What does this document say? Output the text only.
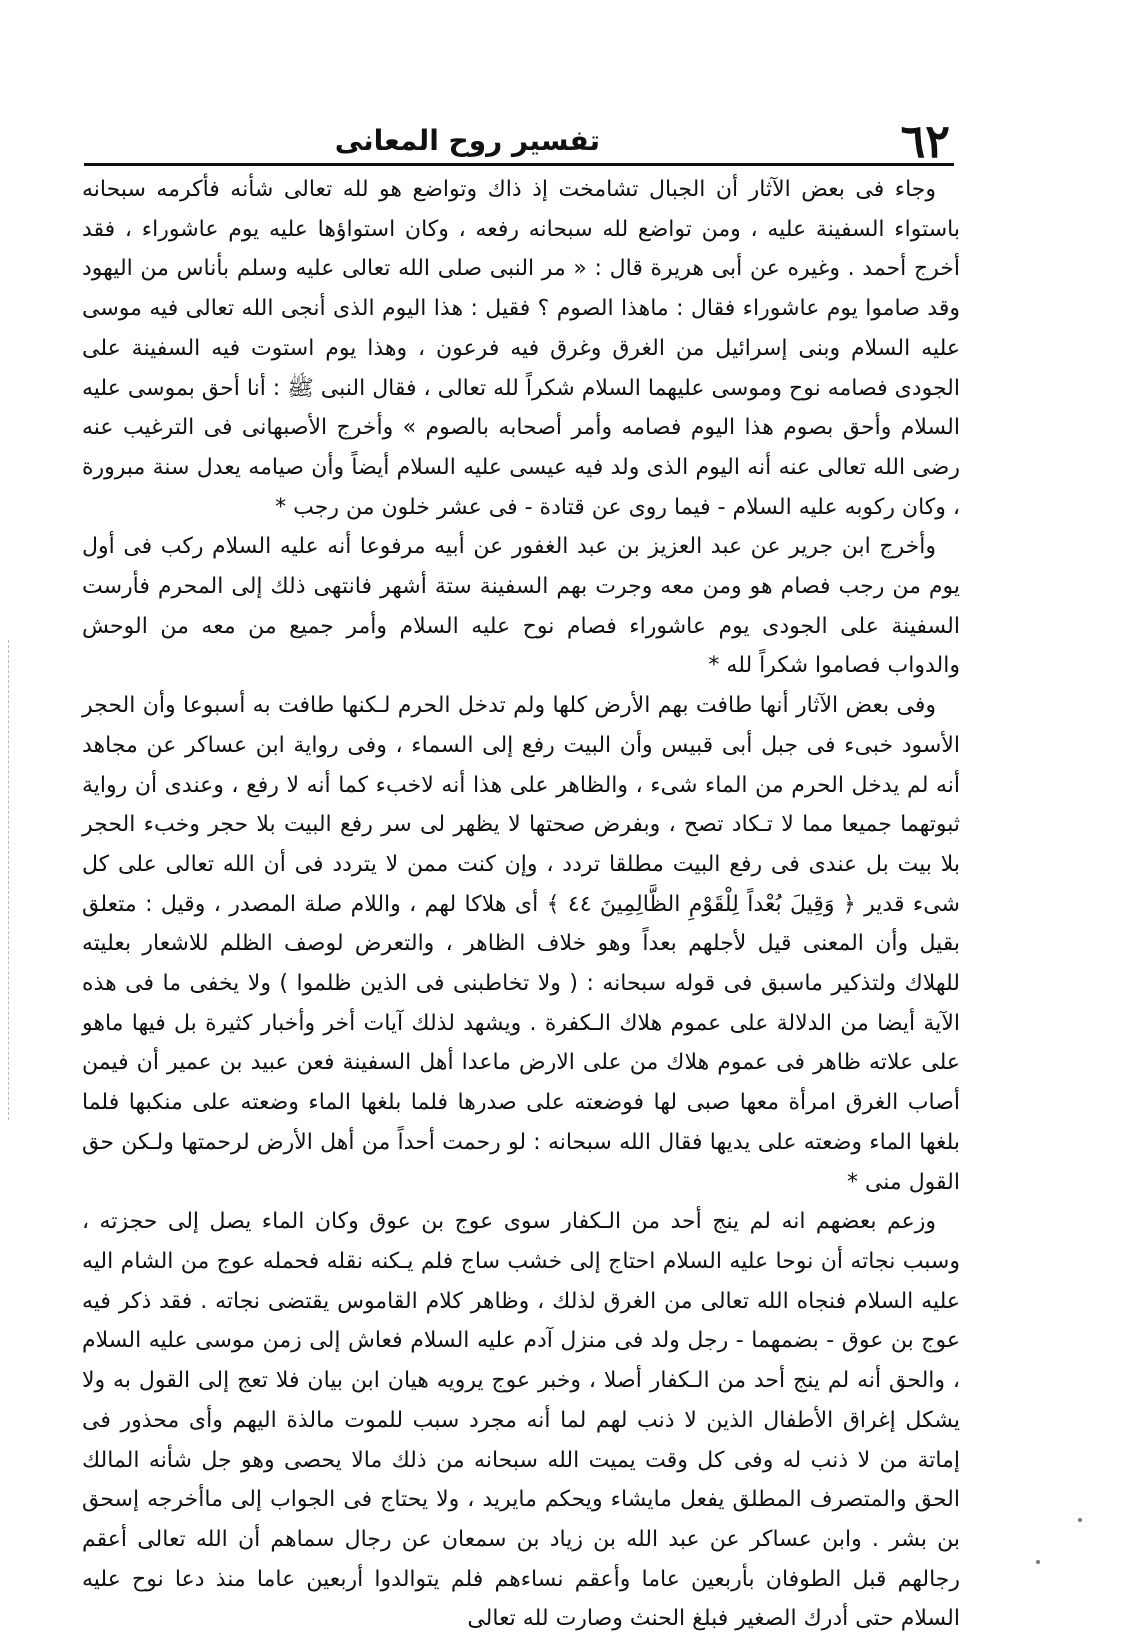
٦٢
تفسير روح المعانى

وجاء فى بعض الآثار أن الجبال تشامخت إذ ذاك وتواضع هو لله تعالى شأنه فأكرمه سبحانه باستواء السفينة عليه ، ومن تواضع لله سبحانه رفعه ، وكان استواؤها عليه يوم عاشوراء ، فقد أخرج أحمد . وغيره عن أبى هريرة قال : « مر النبى صلى الله تعالى عليه وسلم بأناس من اليهود وقد صاموا يوم عاشوراء فقال : ماهذا الصوم ؟ فقيل : هذا اليوم الذى أنجى الله تعالى فيه موسى عليه السلام وبنى إسرائيل من الغرق وغرق فيه فرعون ، وهذا يوم استوت فيه السفينة على الجودى فصامه نوح وموسى عليهما السلام شكراً لله تعالى ، فقال النبى ﷺ : أنا أحق بموسى عليه السلام وأحق بصوم هذا اليوم فصامه وأمر أصحابه بالصوم » وأخرج الأصبهانى فى الترغيب عنه رضى الله تعالى عنه أنه اليوم الذى ولد فيه عيسى عليه السلام أيضاً وأن صيامه يعدل سنة مبرورة ، وكان ركوبه عليه السلام - فيما روى عن قتادة - فى عشر خلون من رجب *

وأخرج ابن جرير عن عبد العزيز بن عبد الغفور عن أبيه مرفوعا أنه عليه السلام ركب فى أول يوم من رجب فصام هو ومن معه وجرت بهم السفينة ستة أشهر فانتهى ذلك إلى المحرم فأرست السفينة على الجودى يوم عاشوراء فصام نوح عليه السلام وأمر جميع من معه من الوحش والدواب فصاموا شكراً لله *

وفى بعض الآثار أنها طافت بهم الأرض كلها ولم تدخل الحرم لـكنها طافت به أسبوعا وأن الحجر الأسود خبىء فى جبل أبى قبيس وأن البيت رفع إلى السماء ، وفى رواية ابن عساكر عن مجاهد أنه لم يدخل الحرم من الماء شىء ، والظاهر على هذا أنه لاخبء كما أنه لا رفع ، وعندى أن رواية ثبوتهما جميعا مما لا تـكاد تصح ، وبفرض صحتها لا يظهر لى سر رفع البيت بلا حجر وخبء الحجر بلا بيت بل عندى فى رفع البيت مطلقا تردد ، وإن كنت ممن لا يتردد فى أن الله تعالى على كل شىء قدير ﴿ وَقِيلَ بُعْداً لِلْقَوْمِ الظَّالِمِينَ ٤٤ ﴾ أى هلاكا لهم ، واللام صلة المصدر ، وقيل : متعلق بقيل وأن المعنى قيل لأجلهم بعداً وهو خلاف الظاهر ، والتعرض لوصف الظلم للاشعار بعليته للهلاك ولتذكير ماسبق فى قوله سبحانه : ( ولا تخاطبنى فى الذين ظلموا ) ولا يخفى ما فى هذه الآية أيضا من الدلالة على عموم هلاك الـكفرة . ويشهد لذلك آيات أخر وأخبار كثيرة بل فيها ماهو على علاته ظاهر فى عموم هلاك من على الارض ماعدا أهل السفينة فعن عبيد بن عمير أن فيمن أصاب الغرق امرأة معها صبى لها فوضعته على صدرها فلما بلغها الماء وضعته على منكبها فلما بلغها الماء وضعته على يديها فقال الله سبحانه : لو رحمت أحداً من أهل الأرض لرحمتها ولـكن حق القول منى *

وزعم بعضهم انه لم ينج أحد من الـكفار سوى عوج بن عوق وكان الماء يصل إلى حجزته ، وسبب نجاته أن نوحا عليه السلام احتاج إلى خشب ساج فلم يـكنه نقله فحمله عوج من الشام اليه عليه السلام فنجاه الله تعالى من الغرق لذلك ، وظاهر كلام القاموس يقتضى نجاته . فقد ذكر فيه عوج بن عوق - بضمهما - رجل ولد فى منزل آدم عليه السلام فعاش إلى زمن موسى عليه السلام ، والحق أنه لم ينج أحد من الـكفار أصلا ، وخبر عوج يرويه هيان ابن بيان فلا تعج إلى القول به ولا يشكل إغراق الأطفال الذين لا ذنب لهم لما أنه مجرد سبب للموت مالذة اليهم وأى محذور فى إماتة من لا ذنب له وفى كل وقت يميت الله سبحانه من ذلك مالا يحصى وهو جل شأنه المالك الحق والمتصرف المطلق يفعل مايشاء ويحكم مايريد ، ولا يحتاج فى الجواب إلى ماأخرجه إسحق بن بشر . وابن عساكر عن عبد الله بن زياد بن سمعان عن رجال سماهم أن الله تعالى أعقم رجالهم قبل الطوفان بأربعين عاما وأعقم نساءهم فلم يتوالدوا أربعين عاما منذ دعا نوح عليه السلام حتى أدرك الصغير فبلغ الحنث وصارت لله تعالى
